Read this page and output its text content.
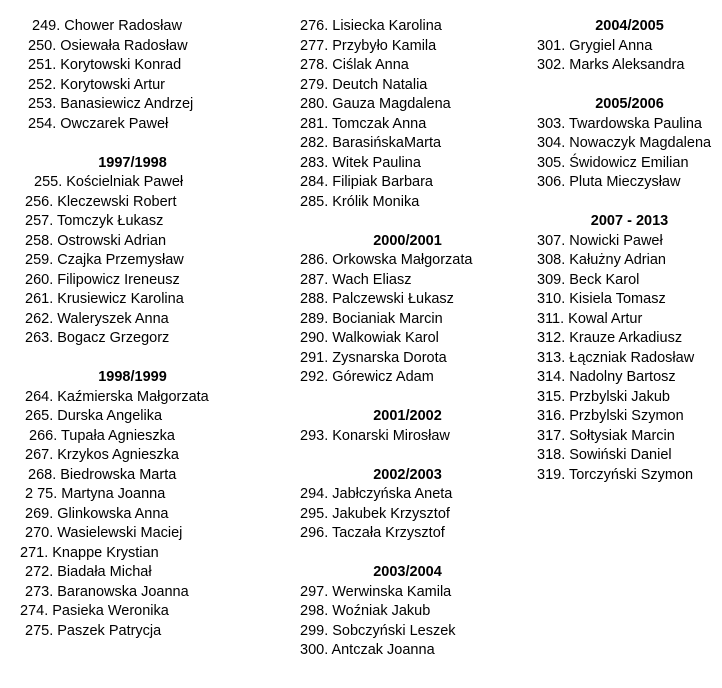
249. Chower Radosław
250. Osiewała Radosław
251. Korytowski Konrad
252. Korytowski Artur
253. Banasiewicz Andrzej
254. Owczarek Paweł
1997/1998
255. Kościelniak Paweł
256. Kleczewski Robert
257. Tomczyk Łukasz
258. Ostrowski Adrian
259. Czajka Przemysław
260. Filipowicz Ireneusz
261. Krusiewicz Karolina
262. Waleryszek Anna
263. Bogacz Grzegorz
1998/1999
264. Kaźmierska Małgorzata
265. Durska Angelika
266. Tupała Agnieszka
267. Krzykos Agnieszka
268. Biedrowska Marta
2 75. Martyna Joanna
269. Glinkowska Anna
270. Wasielewski Maciej
271. Knappe Krystian
272. Biadała Michał
273. Baranowska Joanna
274. Pasieka Weronika
275. Paszek Patrycja
276. Lisiecka Karolina
277. Przybyło Kamila
278. Ciślak Anna
279. Deutch Natalia
280. Gauza Magdalena
281. Tomczak Anna
282. BarasińskaMarta
283. Witek Paulina
284. Filipiak Barbara
285. Królik Monika
2000/2001
286. Orkowska Małgorzata
287. Wach Eliasz
288. Palczewski Łukasz
289. Bocianiak Marcin
290. Walkowiak Karol
291. Zysnarska Dorota
292. Górewicz Adam
2001/2002
293. Konarski Mirosław
2002/2003
294. Jabłczyńska Aneta
295. Jakubek Krzysztof
296. Taczała Krzysztof
2003/2004
297. Werwinska Kamila
298. Woźniak Jakub
299. Sobczyński Leszek
300. Antczak Joanna
2004/2005
301. Grygiel Anna
302. Marks Aleksandra
2005/2006
303. Twardowska Paulina
304. Nowaczyk Magdalena
305. Świdowicz Emilian
306. Pluta Mieczysław
2007 - 2013
307. Nowicki Paweł
308. Kałużny Adrian
309. Beck Karol
310. Kisiela Tomasz
311. Kowal Artur
312. Krauze Arkadiusz
313. Łączniak Radosław
314. Nadolny Bartosz
315. Przbylski Jakub
316. Przbylski Szymon
317. Sołtysiak Marcin
318. Sowiński Daniel
319. Torczyński Szymon
